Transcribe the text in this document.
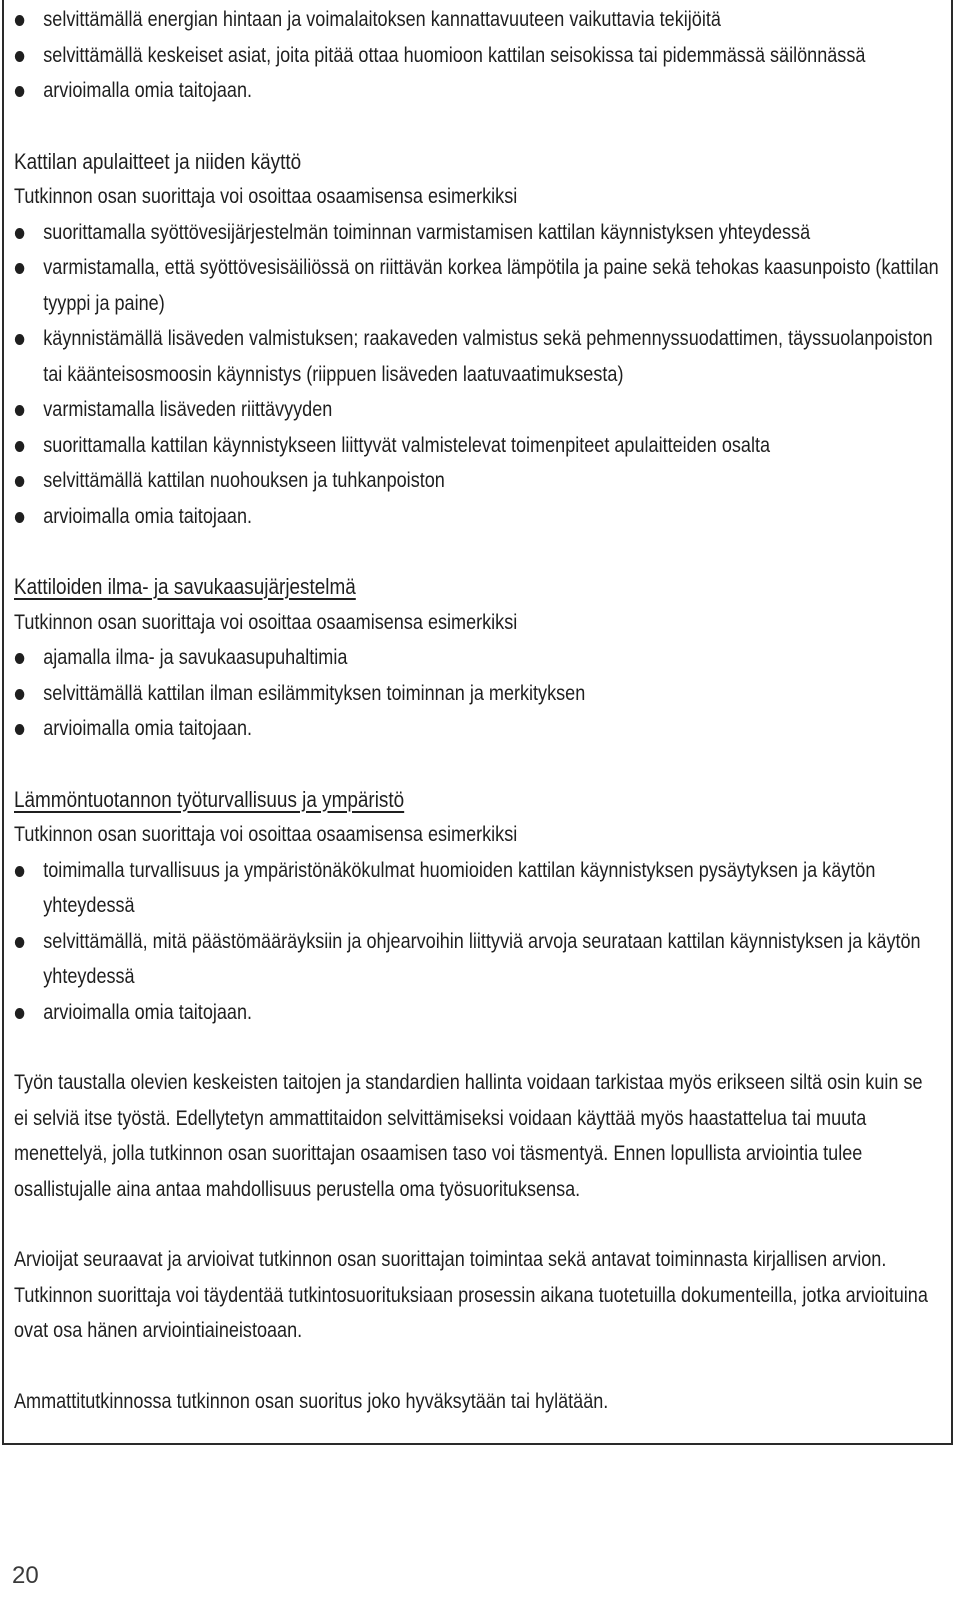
selvittämällä energian hintaan ja voimalaitoksen kannattavuuteen vaikuttavia tekijöitä
selvittämällä keskeiset asiat, joita pitää ottaa huomioon kattilan seisokissa tai pidemmässä säilönnässä
arvioimalla omia taitojaan.
Kattilan apulaitteet ja niiden käyttö
Tutkinnon osan suorittaja voi osoittaa osaamisensa esimerkiksi
suorittamalla syöttövesijärjestelmän toiminnan varmistamisen kattilan käynnistyksen yhteydessä
varmistamalla, että syöttövesisäiliössä on riittävän korkea lämpötila ja paine sekä tehokas kaasunpoisto (kattilan tyyppi ja paine)
käynnistämällä lisäveden valmistuksen; raakaveden valmistus sekä pehmennyssuodattimen, täyssuolanpoiston tai käänteisosmoosin käynnistys (riippuen lisäveden laatuvaatimuksesta)
varmistamalla lisäveden riittävyyden
suorittamalla kattilan käynnistykseen liittyvät valmistelevat toimenpiteet apulaitteiden osalta
selvittämällä kattilan nuohouksen ja tuhkanpoiston
arvioimalla omia taitojaan.
Kattiloiden ilma- ja savukaasujärjestelmä
Tutkinnon osan suorittaja voi osoittaa osaamisensa esimerkiksi
ajamalla ilma- ja savukaasupuhaltimia
selvittämällä kattilan ilman esilämmityksen toiminnan ja merkityksen
arvioimalla omia taitojaan.
Lämmöntuotannon työturvallisuus ja ympäristö
Tutkinnon osan suorittaja voi osoittaa osaamisensa esimerkiksi
toimimalla turvallisuus ja ympäristönäkökulmat huomioiden kattilan käynnistyksen pysäytyksen ja käytön yhteydessä
selvittämällä, mitä päästömääräyksiin ja ohjearvoihin liittyviä arvoja seurataan kattilan käynnistyksen ja käytön yhteydessä
arvioimalla omia taitojaan.

Työn taustalla olevien keskeisten taitojen ja standardien hallinta voidaan tarkistaa myös erikseen siltä osin kuin se ei selviä itse työstä. Edellytetyn ammattitaidon selvittämiseksi voidaan käyttää myös haastattelua tai muuta menettelyä, jolla tutkinnon osan suorittajan osaamisen taso voi täsmentyä. Ennen lopullista arviointia tulee osallistujalle aina antaa mahdollisuus perustella oma työsuorituksensa.

Arvioijat seuraavat ja arvioivat tutkinnon osan suorittajan toimintaa sekä antavat toiminnasta kirjallisen arvion. Tutkinnon suorittaja voi täydentää tutkintosuorituksiaan prosessin aikana tuotetuilla dokumenteilla, jotka arvioituina ovat osa hänen arviointiaineistoaan.

Ammattitutkinnossa tutkinnon osan suoritus joko hyväksytään tai hylätään.

20
